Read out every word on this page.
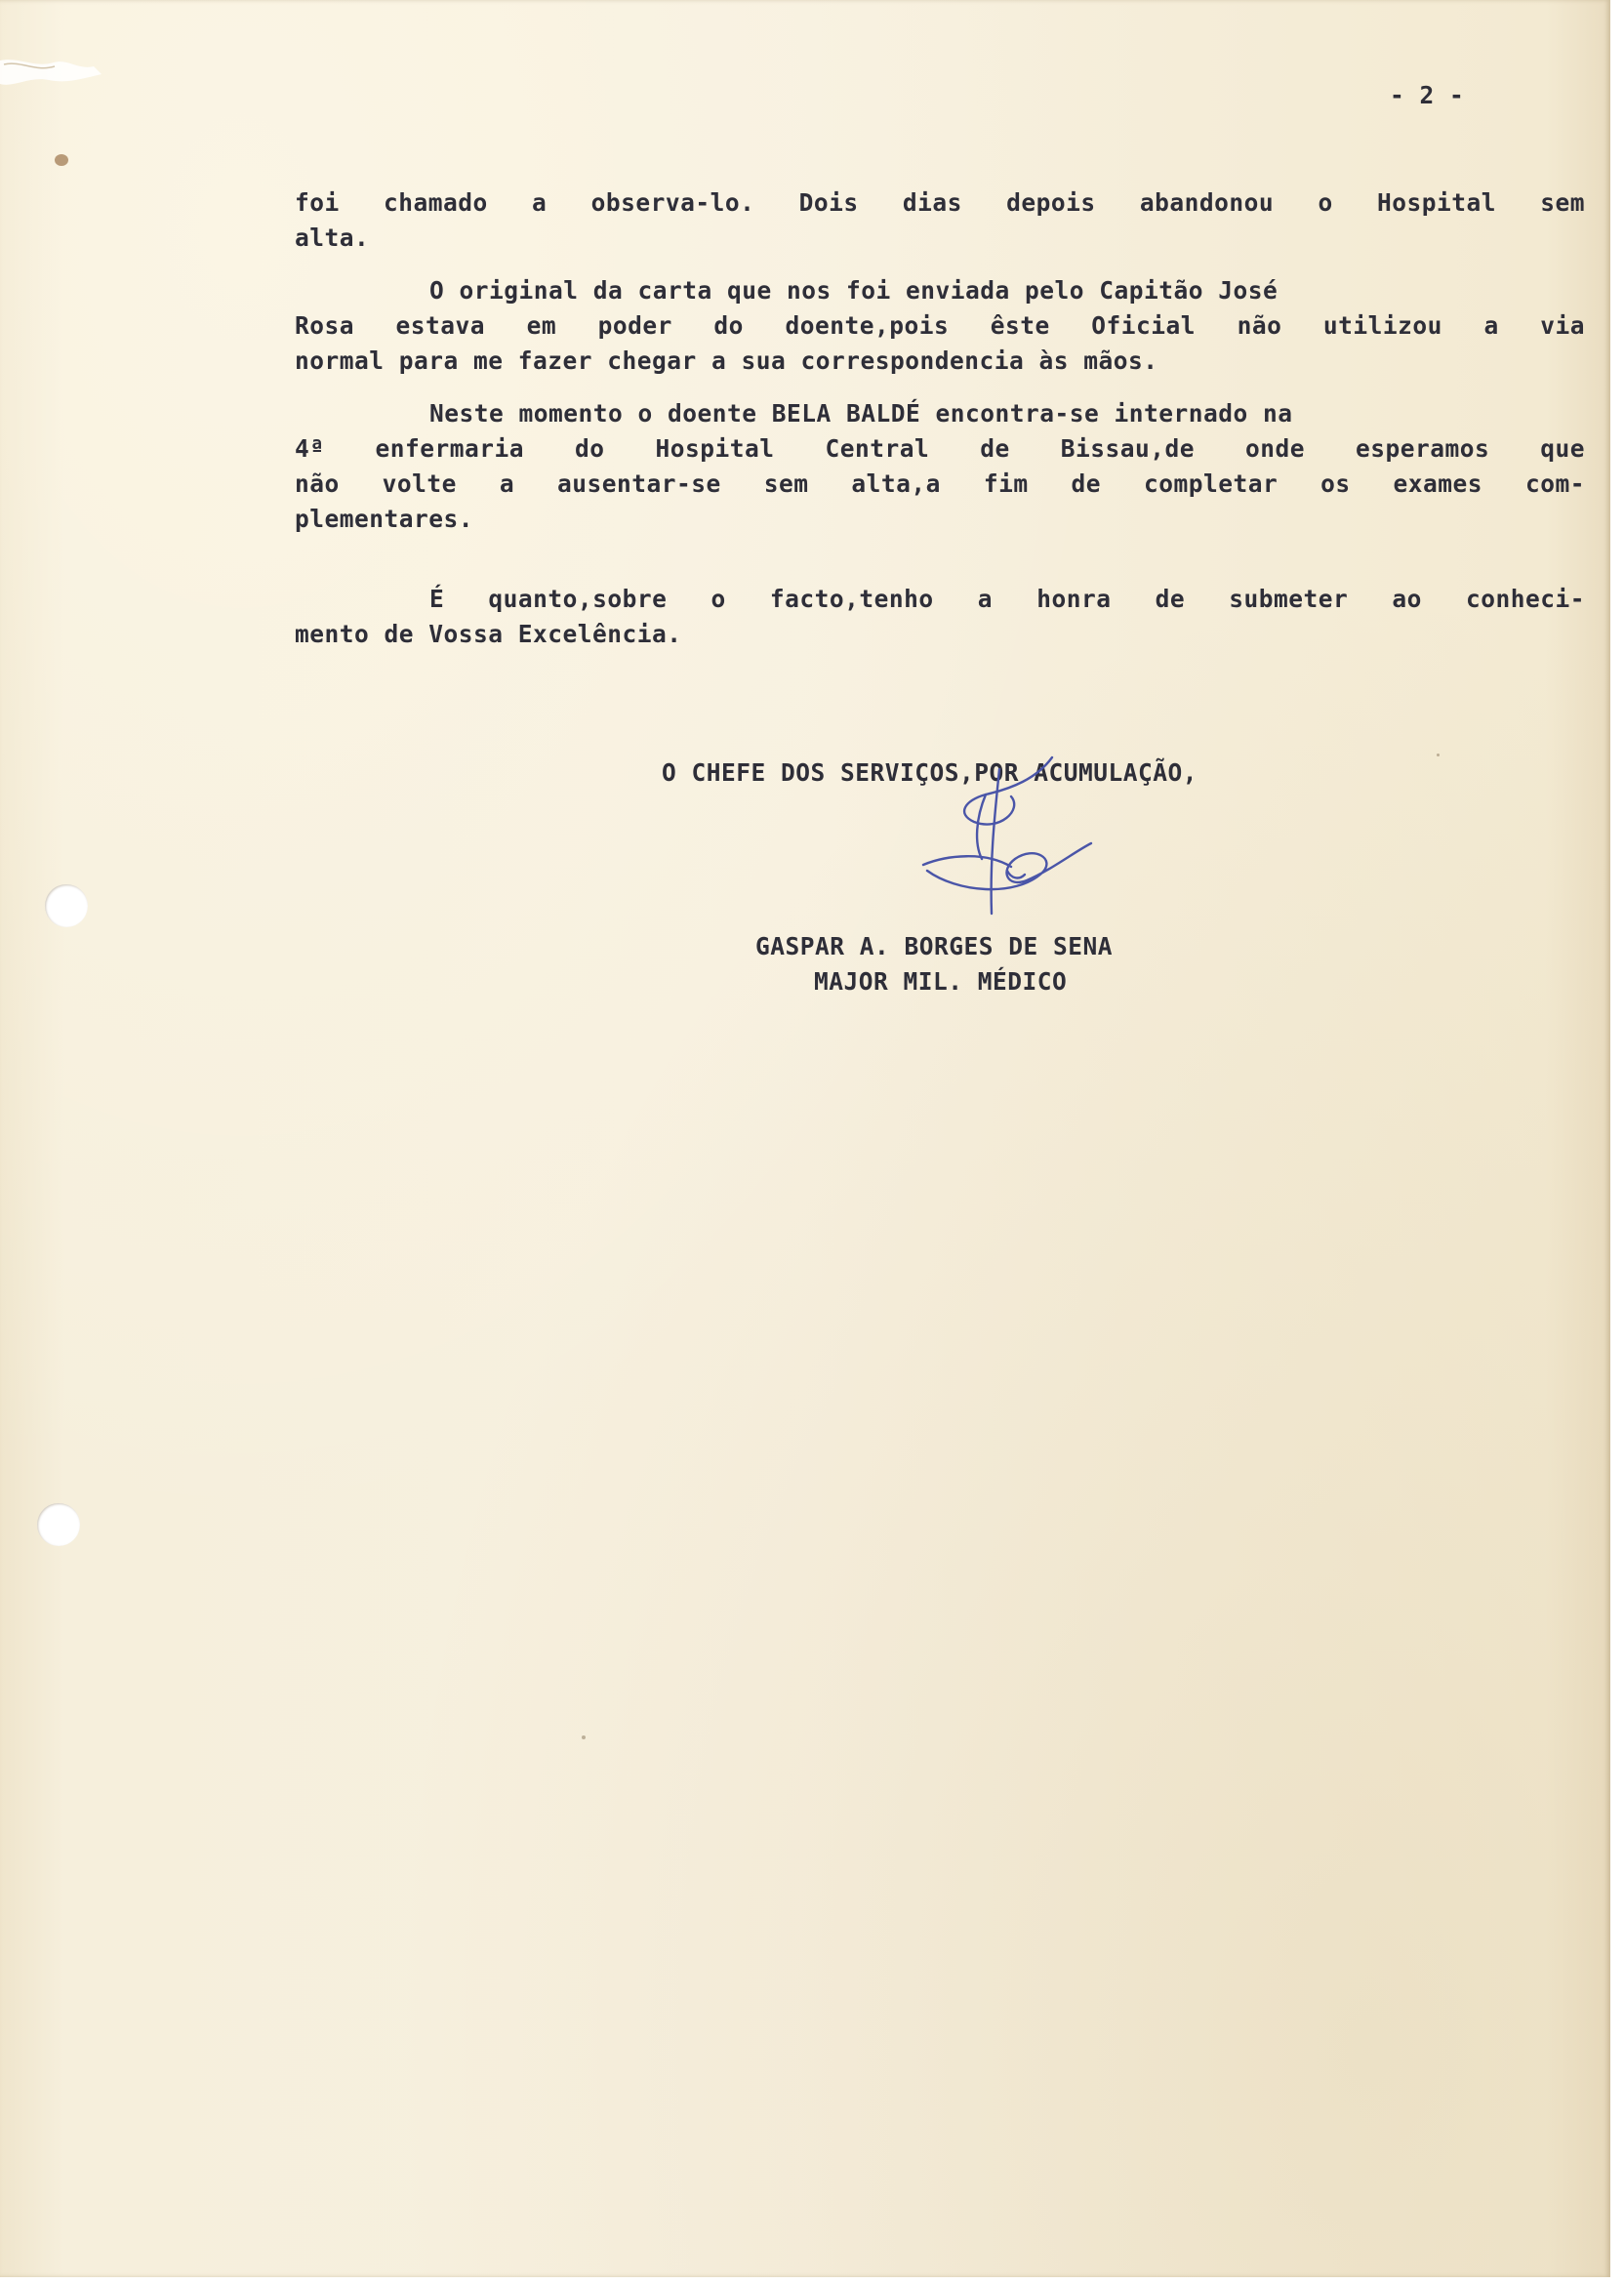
- 2 -

foi chamado a observa-lo. Dois dias depois abandonou o Hospital sem

alta.

O original da carta que nos foi enviada pelo Capitão José

Rosa estava em poder do doente,pois êste Oficial não utilizou a via

normal para me fazer chegar a sua correspondencia às mãos.

Neste momento o doente BELA BALDÉ encontra-se internado na

4ª enfermaria do Hospital Central de Bissau,de onde esperamos que

não volte a ausentar-se sem alta,a fim de completar os exames com-

plementares.

É quanto,sobre o facto,tenho a honra de submeter ao conheci-

mento de Vossa Excelência.

O CHEFE DOS SERVIÇOS,POR ACUMULAÇÃO,

GASPAR A. BORGES DE SENA

MAJOR MIL. MÉDICO
